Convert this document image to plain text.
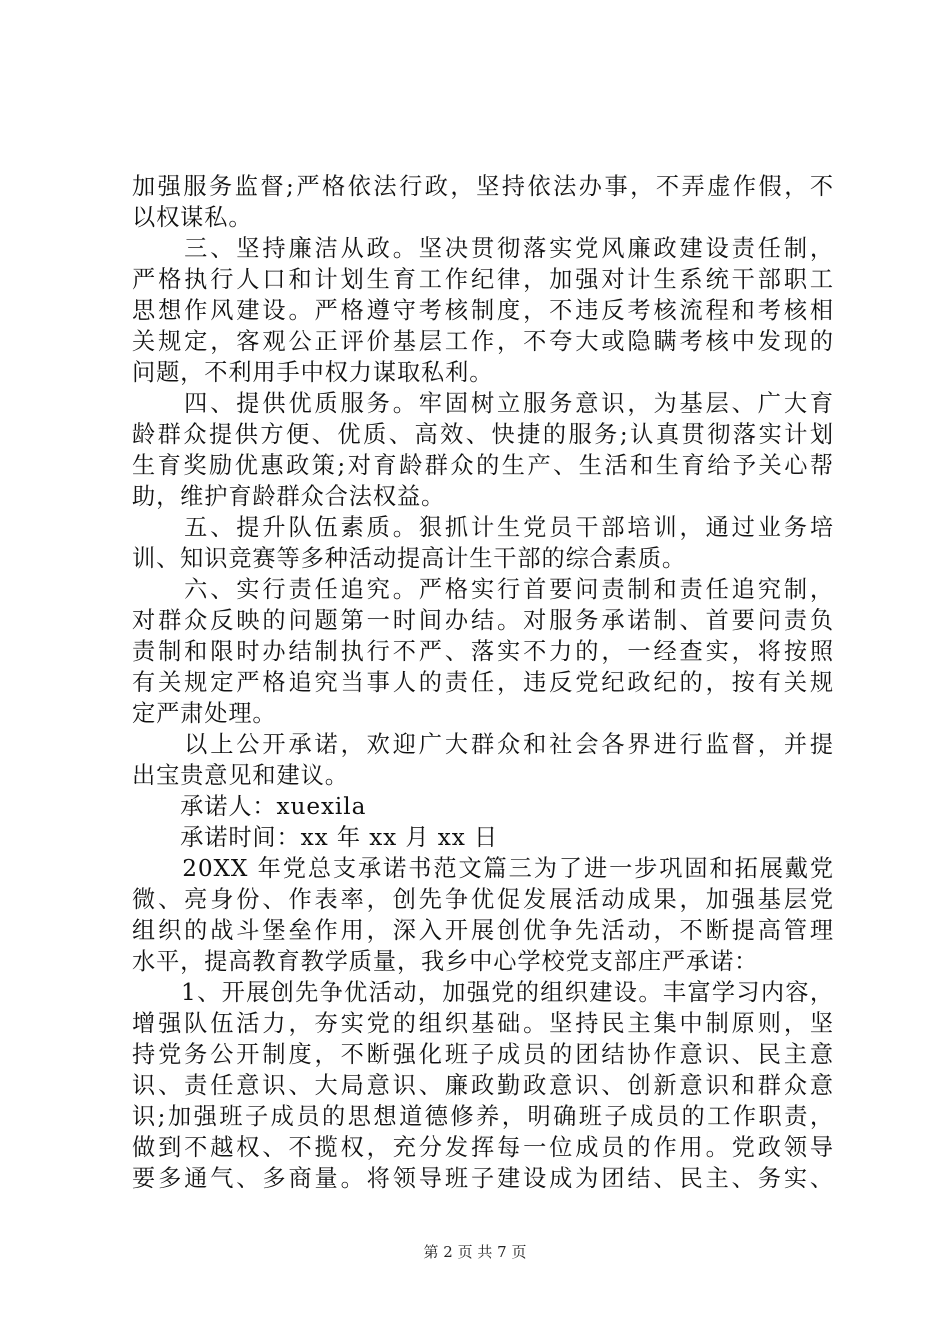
加强服务监督;严格依法行政，坚持依法办事，不弄虚作假，不
以权谋私。
　　三、坚持廉洁从政。坚决贯彻落实党风廉政建设责任制，
严格执行人口和计划生育工作纪律，加强对计生系统干部职工
思想作风建设。严格遵守考核制度，不违反考核流程和考核相
关规定，客观公正评价基层工作，不夸大或隐瞒考核中发现的
问题，不利用手中权力谋取私利。
　　四、提供优质服务。牢固树立服务意识，为基层、广大育
龄群众提供方便、优质、高效、快捷的服务;认真贯彻落实计划
生育奖励优惠政策;对育龄群众的生产、生活和生育给予关心帮
助，维护育龄群众合法权益。
　　五、提升队伍素质。狠抓计生党员干部培训，通过业务培
训、知识竞赛等多种活动提高计生干部的综合素质。
　　六、实行责任追究。严格实行首要问责制和责任追究制，
对群众反映的问题第一时间办结。对服务承诺制、首要问责负
责制和限时办结制执行不严、落实不力的，一经查实，将按照
有关规定严格追究当事人的责任，违反党纪政纪的，按有关规
定严肃处理。
　　以上公开承诺，欢迎广大群众和社会各界进行监督，并提
出宝贵意见和建议。
　　承诺人：xuexila
　　承诺时间：xx 年 xx 月 xx 日
　　20XX 年党总支承诺书范文篇三为了进一步巩固和拓展戴党
微、亮身份、作表率，创先争优促发展活动成果，加强基层党
组织的战斗堡垒作用，深入开展创优争先活动，不断提高管理
水平，提高教育教学质量，我乡中心学校党支部庄严承诺：
　　1、开展创先争优活动，加强党的组织建设。丰富学习内容，
增强队伍活力，夯实党的组织基础。坚持民主集中制原则，坚
持党务公开制度，不断强化班子成员的团结协作意识、民主意
识、责任意识、大局意识、廉政勤政意识、创新意识和群众意
识;加强班子成员的思想道德修养，明确班子成员的工作职责，
做到不越权、不揽权，充分发挥每一位成员的作用。党政领导
要多通气、多商量。将领导班子建设成为团结、民主、务实、
第 2 页 共 7 页
